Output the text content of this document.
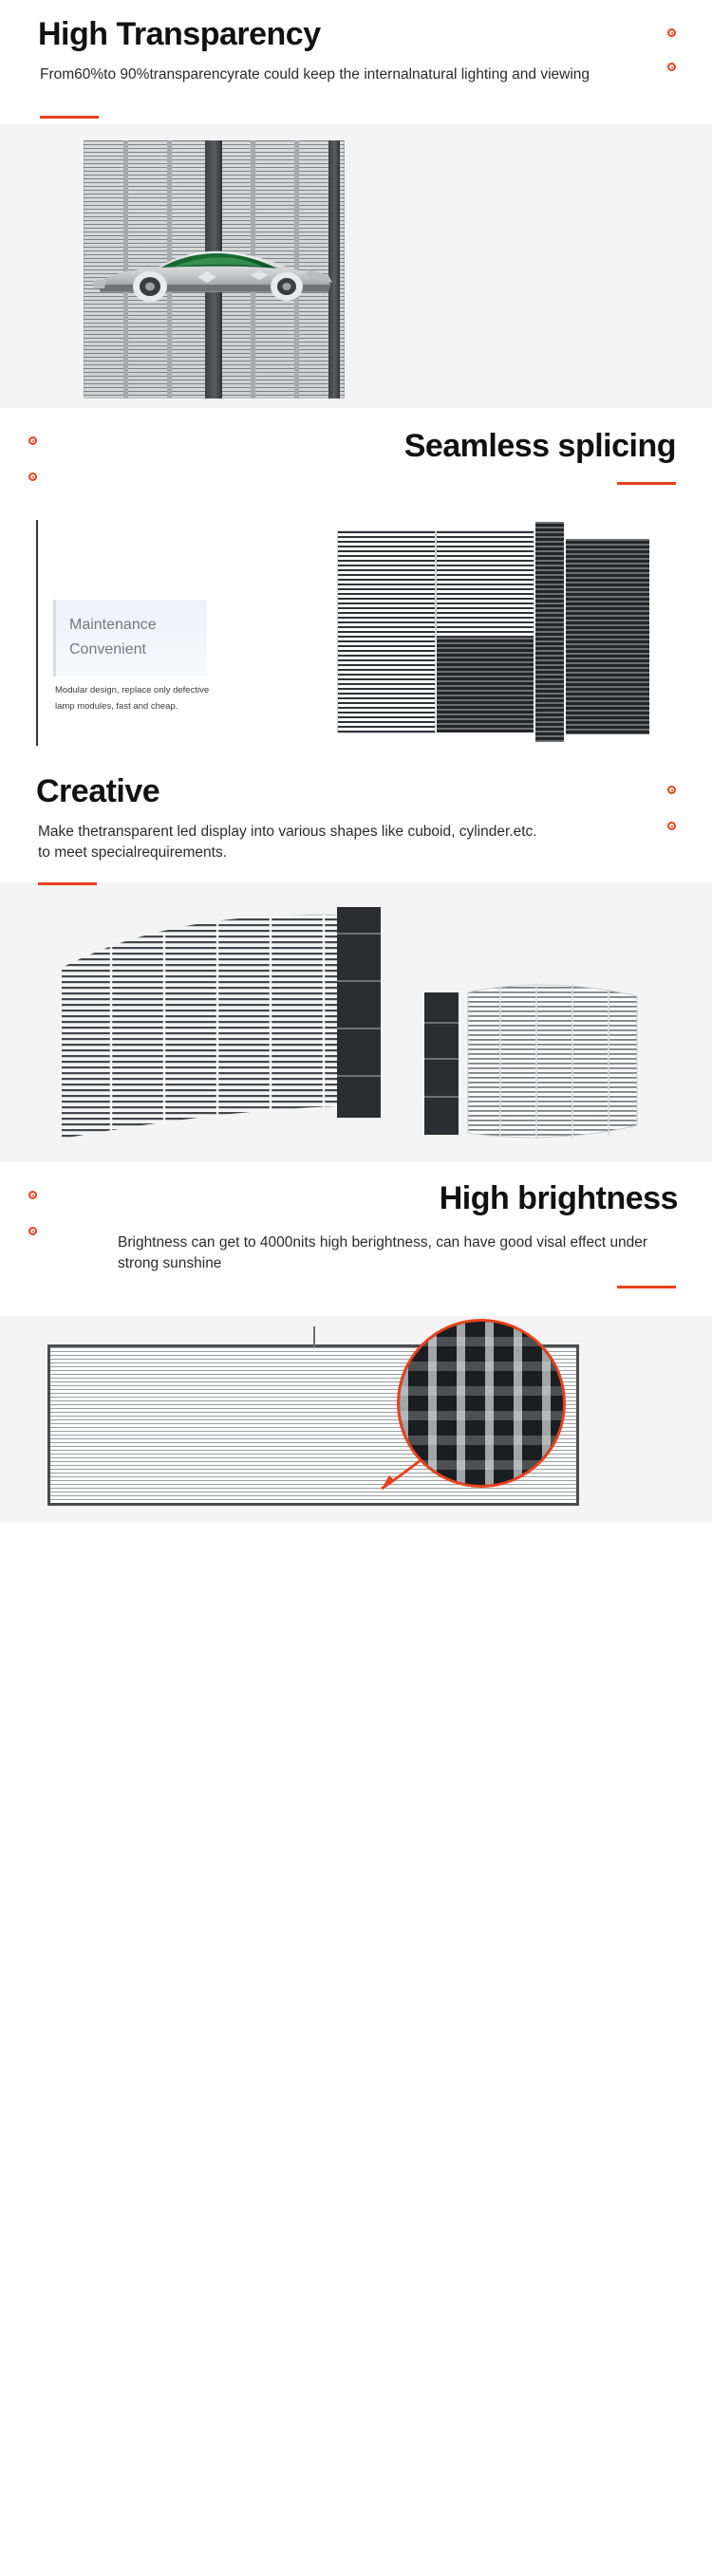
High Transparency
From60%to 90%transparencyrate could keep the internalnatural lighting and viewing
Seamless splicing
Maintenance
Convenient
Modular design, replace only defective lamp modules, fast and cheap.
Creative
Make thetransparent led display into various shapes like cuboid, cylinder.etc.
to meet specialrequirements.
High brightness
Brightness can get to 4000nits high berightness, can have good visal effect under strong sunshine
